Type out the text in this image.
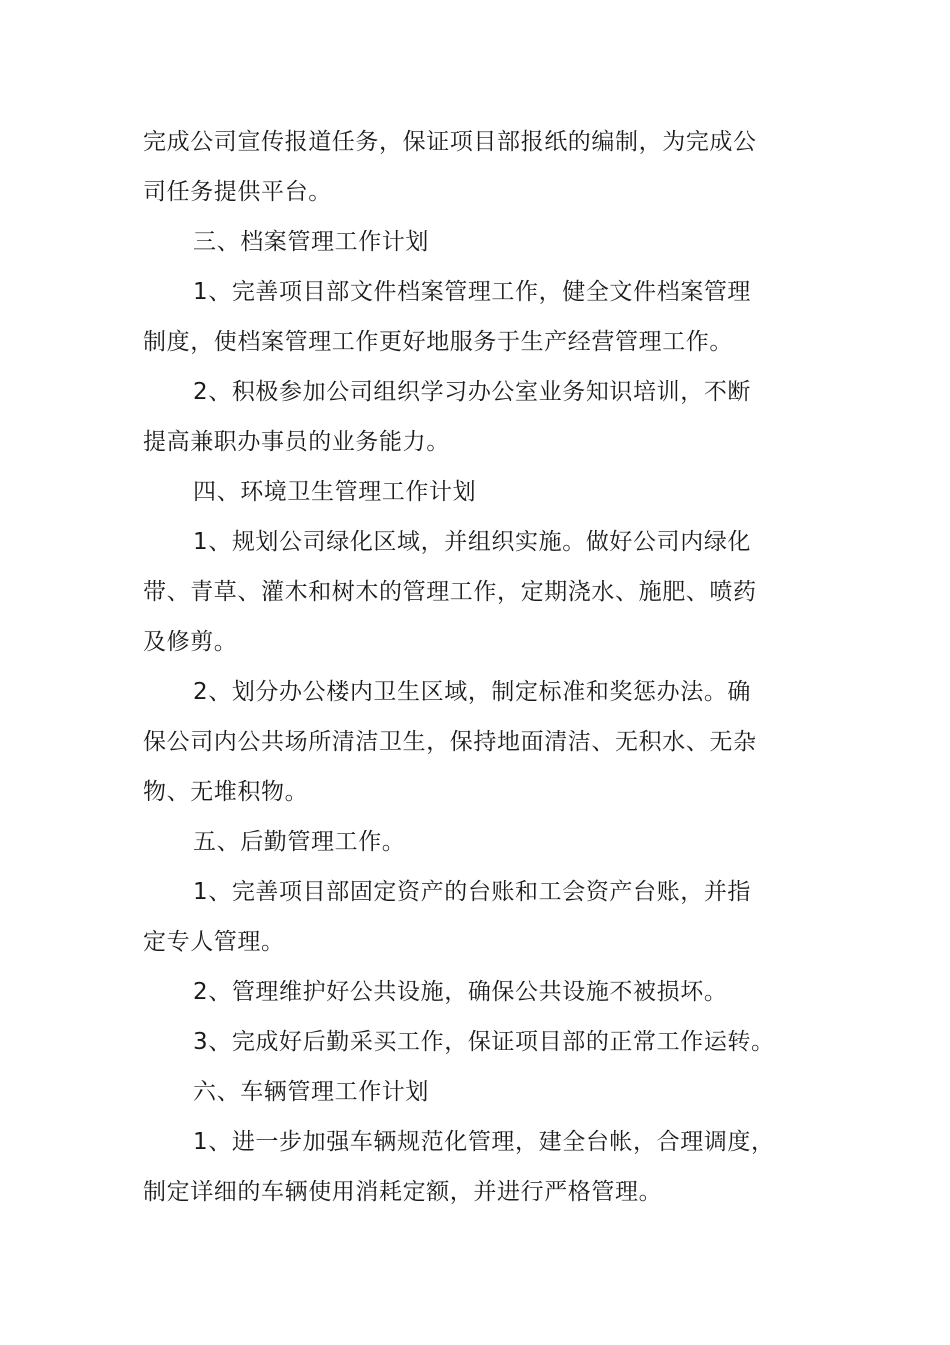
完成公司宣传报道任务，保证项目部报纸的编制，为完成公
司任务提供平台。
三、档案管理工作计划
1、完善项目部文件档案管理工作，健全文件档案管理
制度，使档案管理工作更好地服务于生产经营管理工作。
2、积极参加公司组织学习办公室业务知识培训，不断
提高兼职办事员的业务能力。
四、环境卫生管理工作计划
1、规划公司绿化区域，并组织实施。做好公司内绿化
带、青草、灌木和树木的管理工作，定期浇水、施肥、喷药
及修剪。
2、划分办公楼内卫生区域，制定标准和奖惩办法。确
保公司内公共场所清洁卫生，保持地面清洁、无积水、无杂
物、无堆积物。
五、后勤管理工作。
1、完善项目部固定资产的台账和工会资产台账，并指
定专人管理。
2、管理维护好公共设施，确保公共设施不被损坏。
3、完成好后勤采买工作，保证项目部的正常工作运转。
六、车辆管理工作计划
1、进一步加强车辆规范化管理，建全台帐，合理调度，
制定详细的车辆使用消耗定额，并进行严格管理。
